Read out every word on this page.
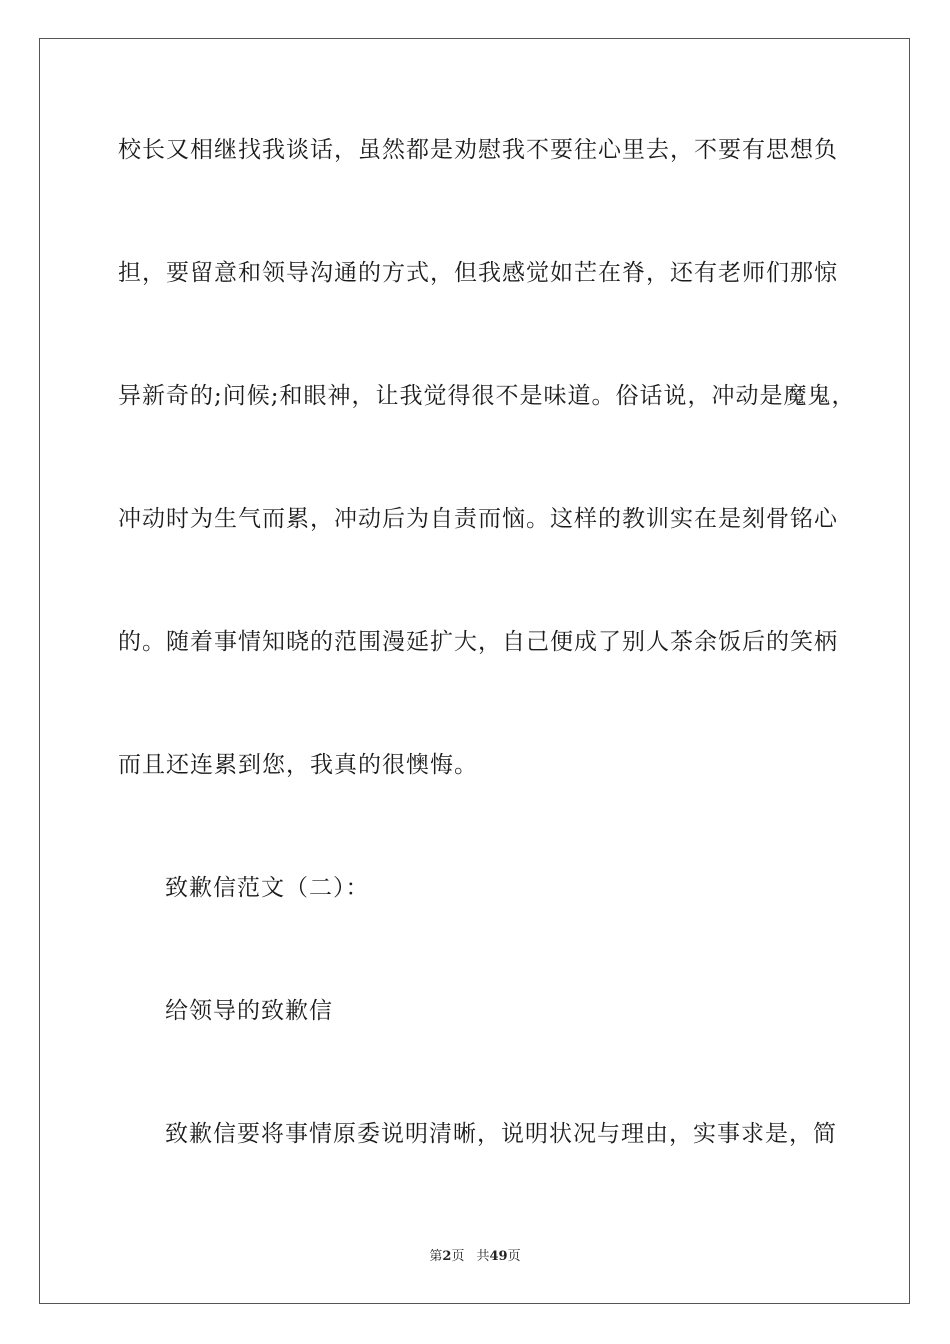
校长又相继找我谈话，虽然都是劝慰我不要往心里去，不要有思想负
担，要留意和领导沟通的方式，但我感觉如芒在脊，还有老师们那惊
异新奇的;问候;和眼神，让我觉得很不是味道。俗话说，冲动是魔鬼，
冲动时为生气而累，冲动后为自责而恼。这样的教训实在是刻骨铭心
的。随着事情知晓的范围漫延扩大，自己便成了别人茶余饭后的笑柄
而且还连累到您，我真的很懊悔。
致歉信范文（二）：
给领导的致歉信
致歉信要将事情原委说明清晰，说明状况与理由，实事求是，简
第2页 共49页
